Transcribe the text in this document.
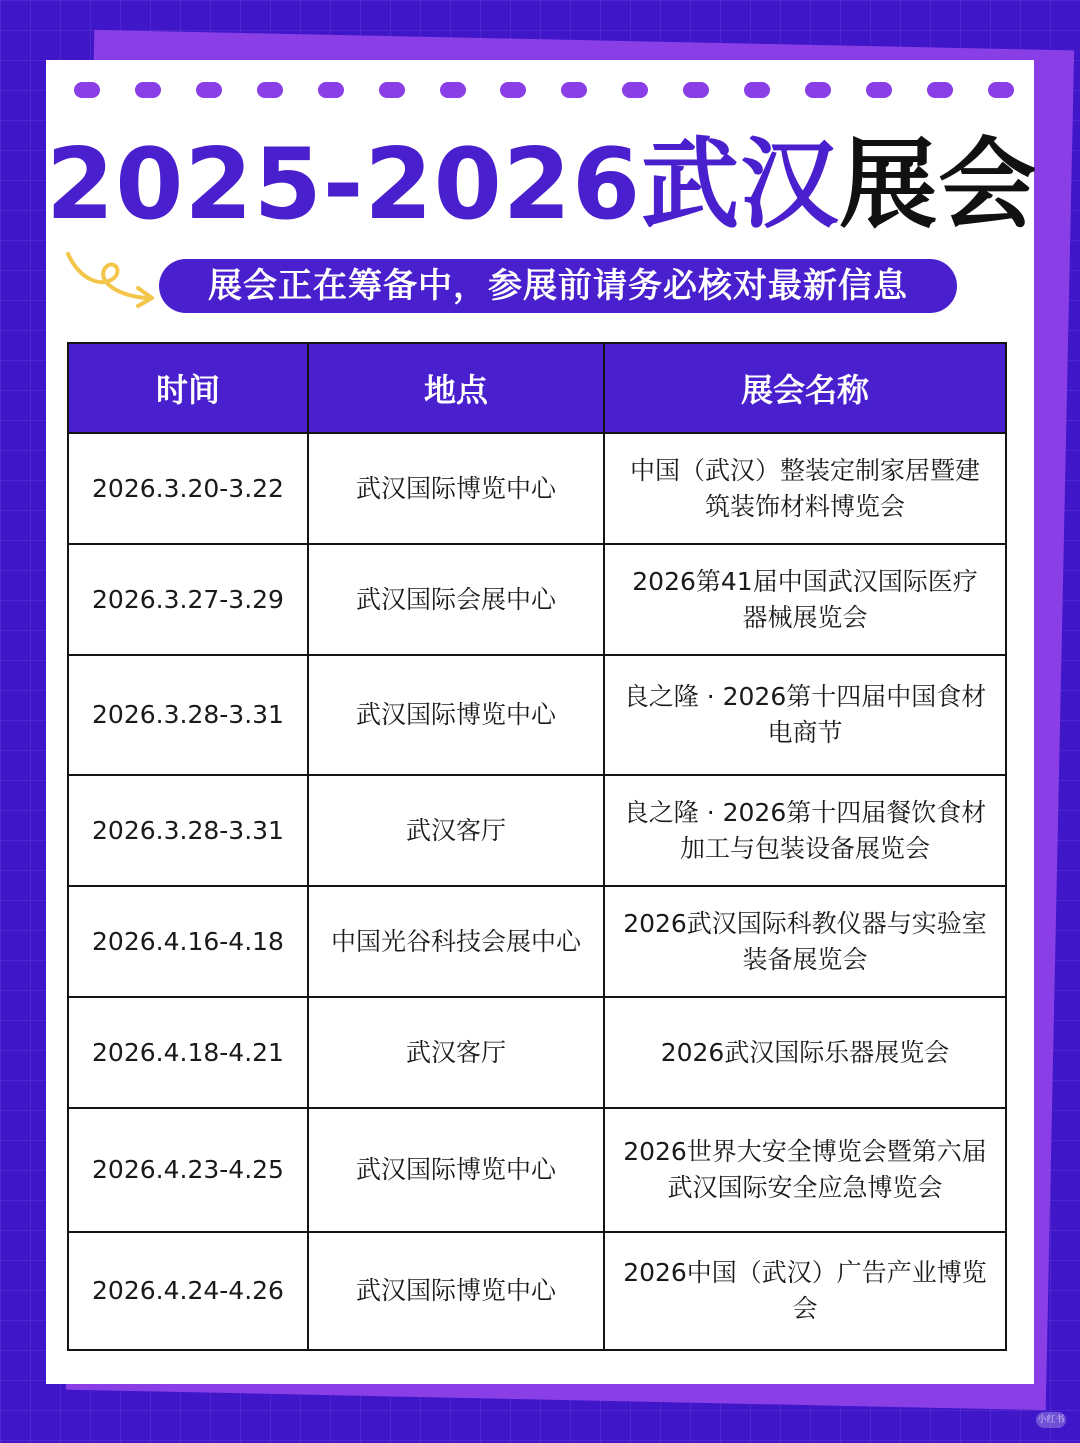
2025-2026武汉展会
展会正在筹备中，参展前请务必核对最新信息
时间	地点	展会名称
2026.3.20-3.22	武汉国际博览中心	中国（武汉）整装定制家居暨建筑装饰材料博览会
2026.3.27-3.29	武汉国际会展中心	2026第41届中国武汉国际医疗器械展览会
2026.3.28-3.31	武汉国际博览中心	良之隆 · 2026第十四届中国食材电商节
2026.3.28-3.31	武汉客厅	良之隆 · 2026第十四届餐饮食材加工与包装设备展览会
2026.4.16-4.18	中国光谷科技会展中心	2026武汉国际科教仪器与实验室装备展览会
2026.4.18-4.21	武汉客厅	2026武汉国际乐器展览会
2026.4.23-4.25	武汉国际博览中心	2026世界大安全博览会暨第六届武汉国际安全应急博览会
2026.4.24-4.26	武汉国际博览中心	2026中国（武汉）广告产业博览会
小红书
